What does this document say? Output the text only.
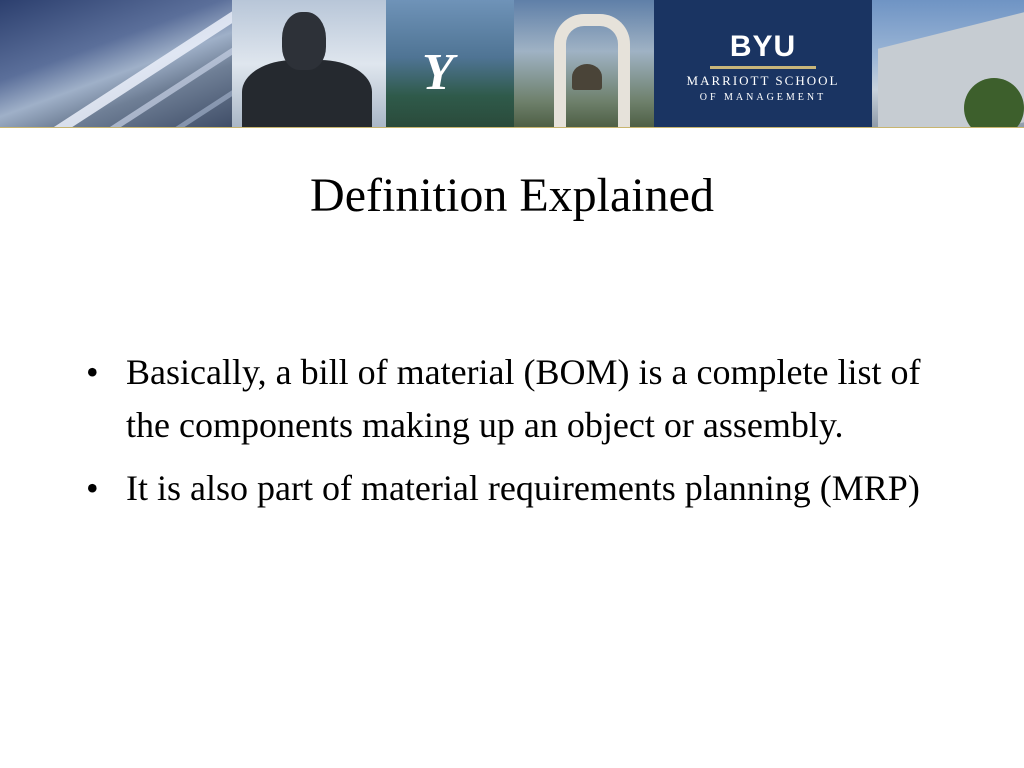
Y	BYU
MARRIOTT SCHOOL
OF MANAGEMENT
Definition Explained
• Basically, a bill of material (BOM) is a complete list of the components making up an object or assembly.
• It is also part of material requirements planning (MRP)
